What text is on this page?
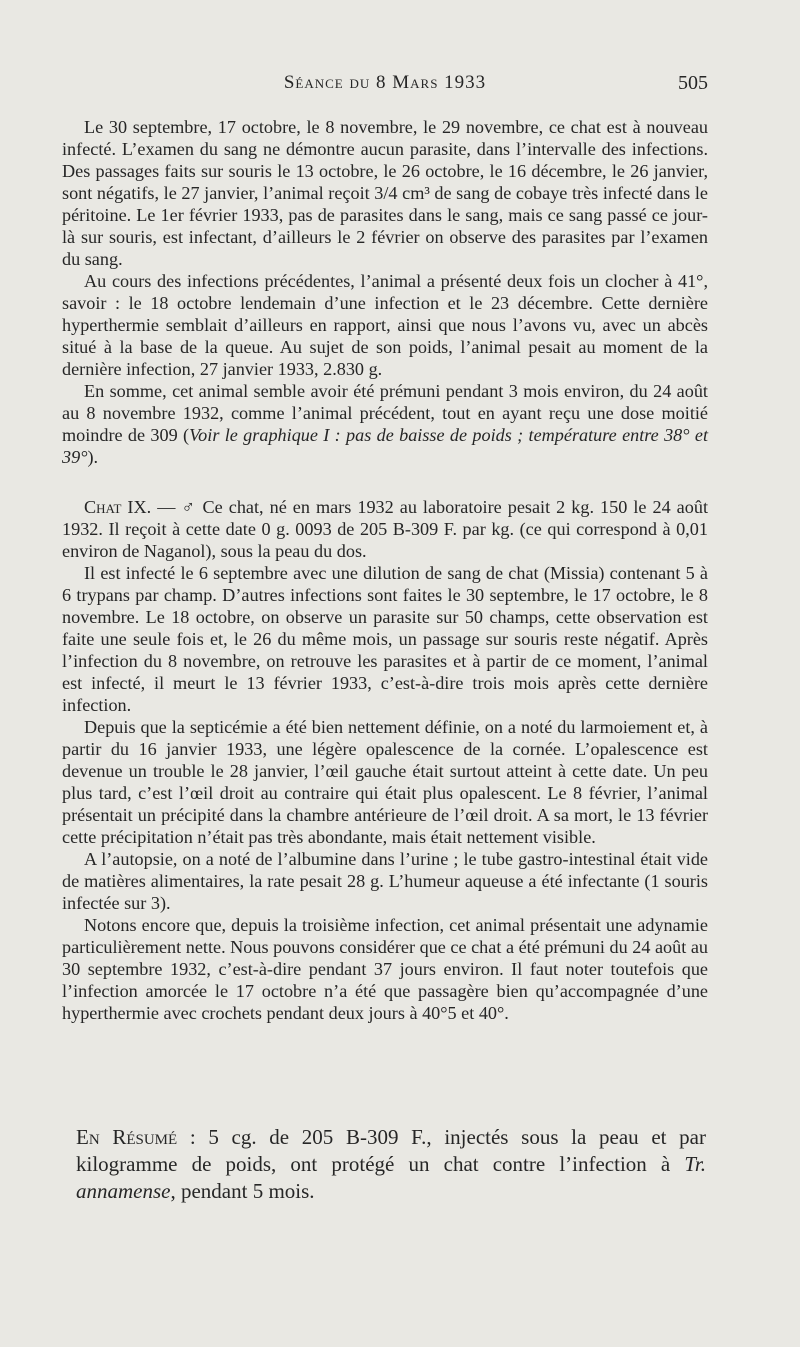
Séance du 8 Mars 1933	505

Le 30 septembre, 17 octobre, le 8 novembre, le 29 novembre, ce chat est à nouveau infecté. L’examen du sang ne démontre aucun parasite, dans l’intervalle des infections. Des passages faits sur souris le 13 octobre, le 26 octobre, le 16 décembre, le 26 janvier, sont négatifs, le 27 janvier, l’animal reçoit 3/4 cm³ de sang de cobaye très infecté dans le péritoine. Le 1er février 1933, pas de parasites dans le sang, mais ce sang passé ce jour-là sur souris, est infectant, d’ailleurs le 2 février on observe des parasites par l’examen du sang.

Au cours des infections précédentes, l’animal a présenté deux fois un clocher à 41°, savoir : le 18 octobre lendemain d’une infection et le 23 décembre. Cette dernière hyperthermie semblait d’ailleurs en rapport, ainsi que nous l’avons vu, avec un abcès situé à la base de la queue. Au sujet de son poids, l’animal pesait au moment de la dernière infection, 27 janvier 1933, 2.830 g.

En somme, cet animal semble avoir été prémuni pendant 3 mois environ, du 24 août au 8 novembre 1932, comme l’animal précédent, tout en ayant reçu une dose moitié moindre de 309 (Voir le graphique I : pas de baisse de poids ; température entre 38° et 39°).

Chat IX. — ♂ Ce chat, né en mars 1932 au laboratoire pesait 2 kg. 150 le 24 août 1932. Il reçoit à cette date 0 g. 0093 de 205 B-309 F. par kg. (ce qui correspond à 0,01 environ de Naganol), sous la peau du dos.

Il est infecté le 6 septembre avec une dilution de sang de chat (Missia) contenant 5 à 6 trypans par champ. D’autres infections sont faites le 30 septembre, le 17 octobre, le 8 novembre. Le 18 octobre, on observe un parasite sur 50 champs, cette observation est faite une seule fois et, le 26 du même mois, un passage sur souris reste négatif. Après l’infection du 8 novembre, on retrouve les parasites et à partir de ce moment, l’animal est infecté, il meurt le 13 février 1933, c’est-à-dire trois mois après cette dernière infection.

Depuis que la septicémie a été bien nettement définie, on a noté du larmoiement et, à partir du 16 janvier 1933, une légère opalescence de la cornée. L’opalescence est devenue un trouble le 28 janvier, l’œil gauche était surtout atteint à cette date. Un peu plus tard, c’est l’œil droit au contraire qui était plus opalescent. Le 8 février, l’animal présentait un précipité dans la chambre antérieure de l’œil droit. A sa mort, le 13 février cette précipitation n’était pas très abondante, mais était nettement visible.

A l’autopsie, on a noté de l’albumine dans l’urine ; le tube gastro-intestinal était vide de matières alimentaires, la rate pesait 28 g. L’humeur aqueuse a été infectante (1 souris infectée sur 3).

Notons encore que, depuis la troisième infection, cet animal présentait une adynamie particulièrement nette. Nous pouvons considérer que ce chat a été prémuni du 24 août au 30 septembre 1932, c’est-à-dire pendant 37 jours environ. Il faut noter toutefois que l’infection amorcée le 17 octobre n’a été que passagère bien qu’accompagnée d’une hyperthermie avec crochets pendant deux jours à 40°5 et 40°.

En Résumé : 5 cg. de 205 B-309 F., injectés sous la peau et par kilogramme de poids, ont protégé un chat contre l’infection à Tr. annamense, pendant 5 mois.
